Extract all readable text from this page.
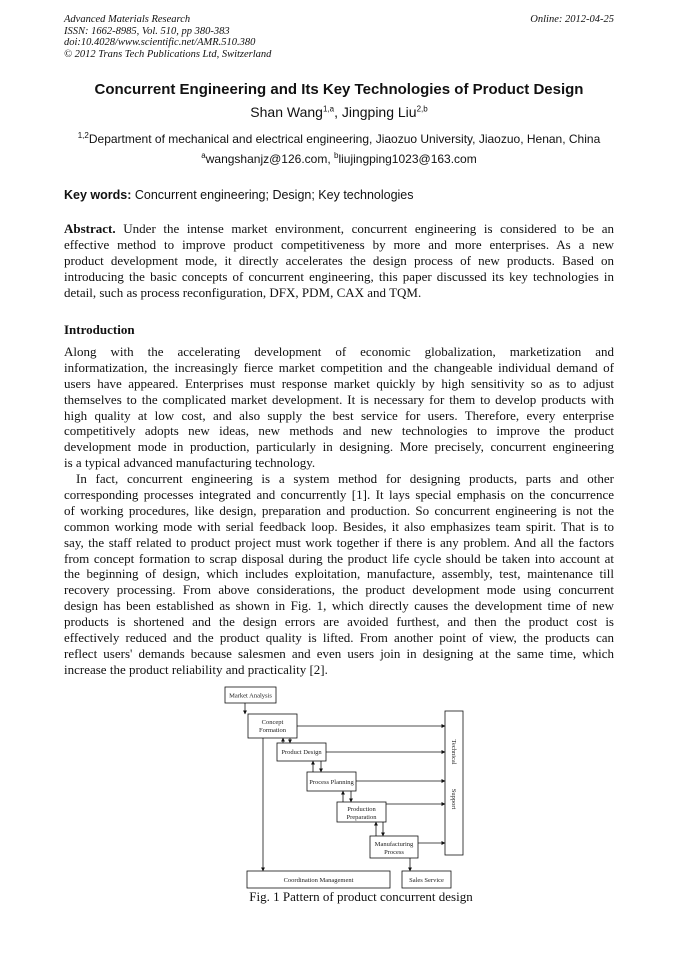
Advanced Materials Research
ISSN: 1662-8985, Vol. 510, pp 380-383
doi:10.4028/www.scientific.net/AMR.510.380
© 2012 Trans Tech Publications Ltd, Switzerland
Online: 2012-04-25
Concurrent Engineering and Its Key Technologies of Product Design
Shan Wang$^{1,a}$, Jingping Liu$^{2,b}$
$^{1,2}$Department of mechanical and electrical engineering, Jiaozuo University, Jiaozuo, Henan, China
$^a$wangshanjz@126.com, $^b$liujingping1023@163.com
Key words: Concurrent engineering; Design; Key technologies
Abstract. Under the intense market environment, concurrent engineering is considered to be an
effective method to improve product competitiveness by more and more enterprises. As a new
product development mode, it directly accelerates the design process of new products. Based on
introducing the basic concepts of concurrent engineering, this paper discussed its key technologies in
detail, such as process reconfiguration, DFX, PDM, CAX and TQM.
Introduction
Along with the accelerating development of economic globalization, marketization and
informatization, the increasingly fierce market competition and the changeable individual demand of
users have appeared. Enterprises must response market quickly by high sensitivity so as to adjust
themselves to the complicated market development. It is necessary for them to develop products with
high quality at low cost, and also supply the best service for users. Therefore, every enterprise
competitively adopts new ideas, new methods and new technologies to improve the product
development mode in production, particularly in designing. More precisely, concurrent engineering
is a typical advanced manufacturing technology.
In fact, concurrent engineering is a system method for designing products, parts and other
corresponding processes integrated and concurrently [1]. It lays special emphasis on the concurrence
of working procedures, like design, preparation and production. So concurrent engineering is not the
common working mode with serial feedback loop. Besides, it also emphasizes team spirit. That is to
say, the staff related to product project must work together if there is any problem. And all the factors
from concept formation to scrap disposal during the product life cycle should be taken into account at
the beginning of design, which includes exploitation, manufacture, assembly, test, maintenance till
recovery processing. From above considerations, the product development mode using concurrent
design has been established as shown in Fig. 1, which directly causes the development time of new
products is shortened and the design errors are avoided furthest, and then the product cost is
effectively reduced and the product quality is lifted. From another point of view, the products can
reflect users' demands because salesmen and even users join in designing at the same time, which
increase the product reliability and practicality [2].
Market Analysis
Concept
Formation
Product Design
Process Planning
Production
Preparation
Manufacturing
Process
Coordination Management	Sales Service
Technical
Support
Fig. 1 Pattern of product concurrent design
